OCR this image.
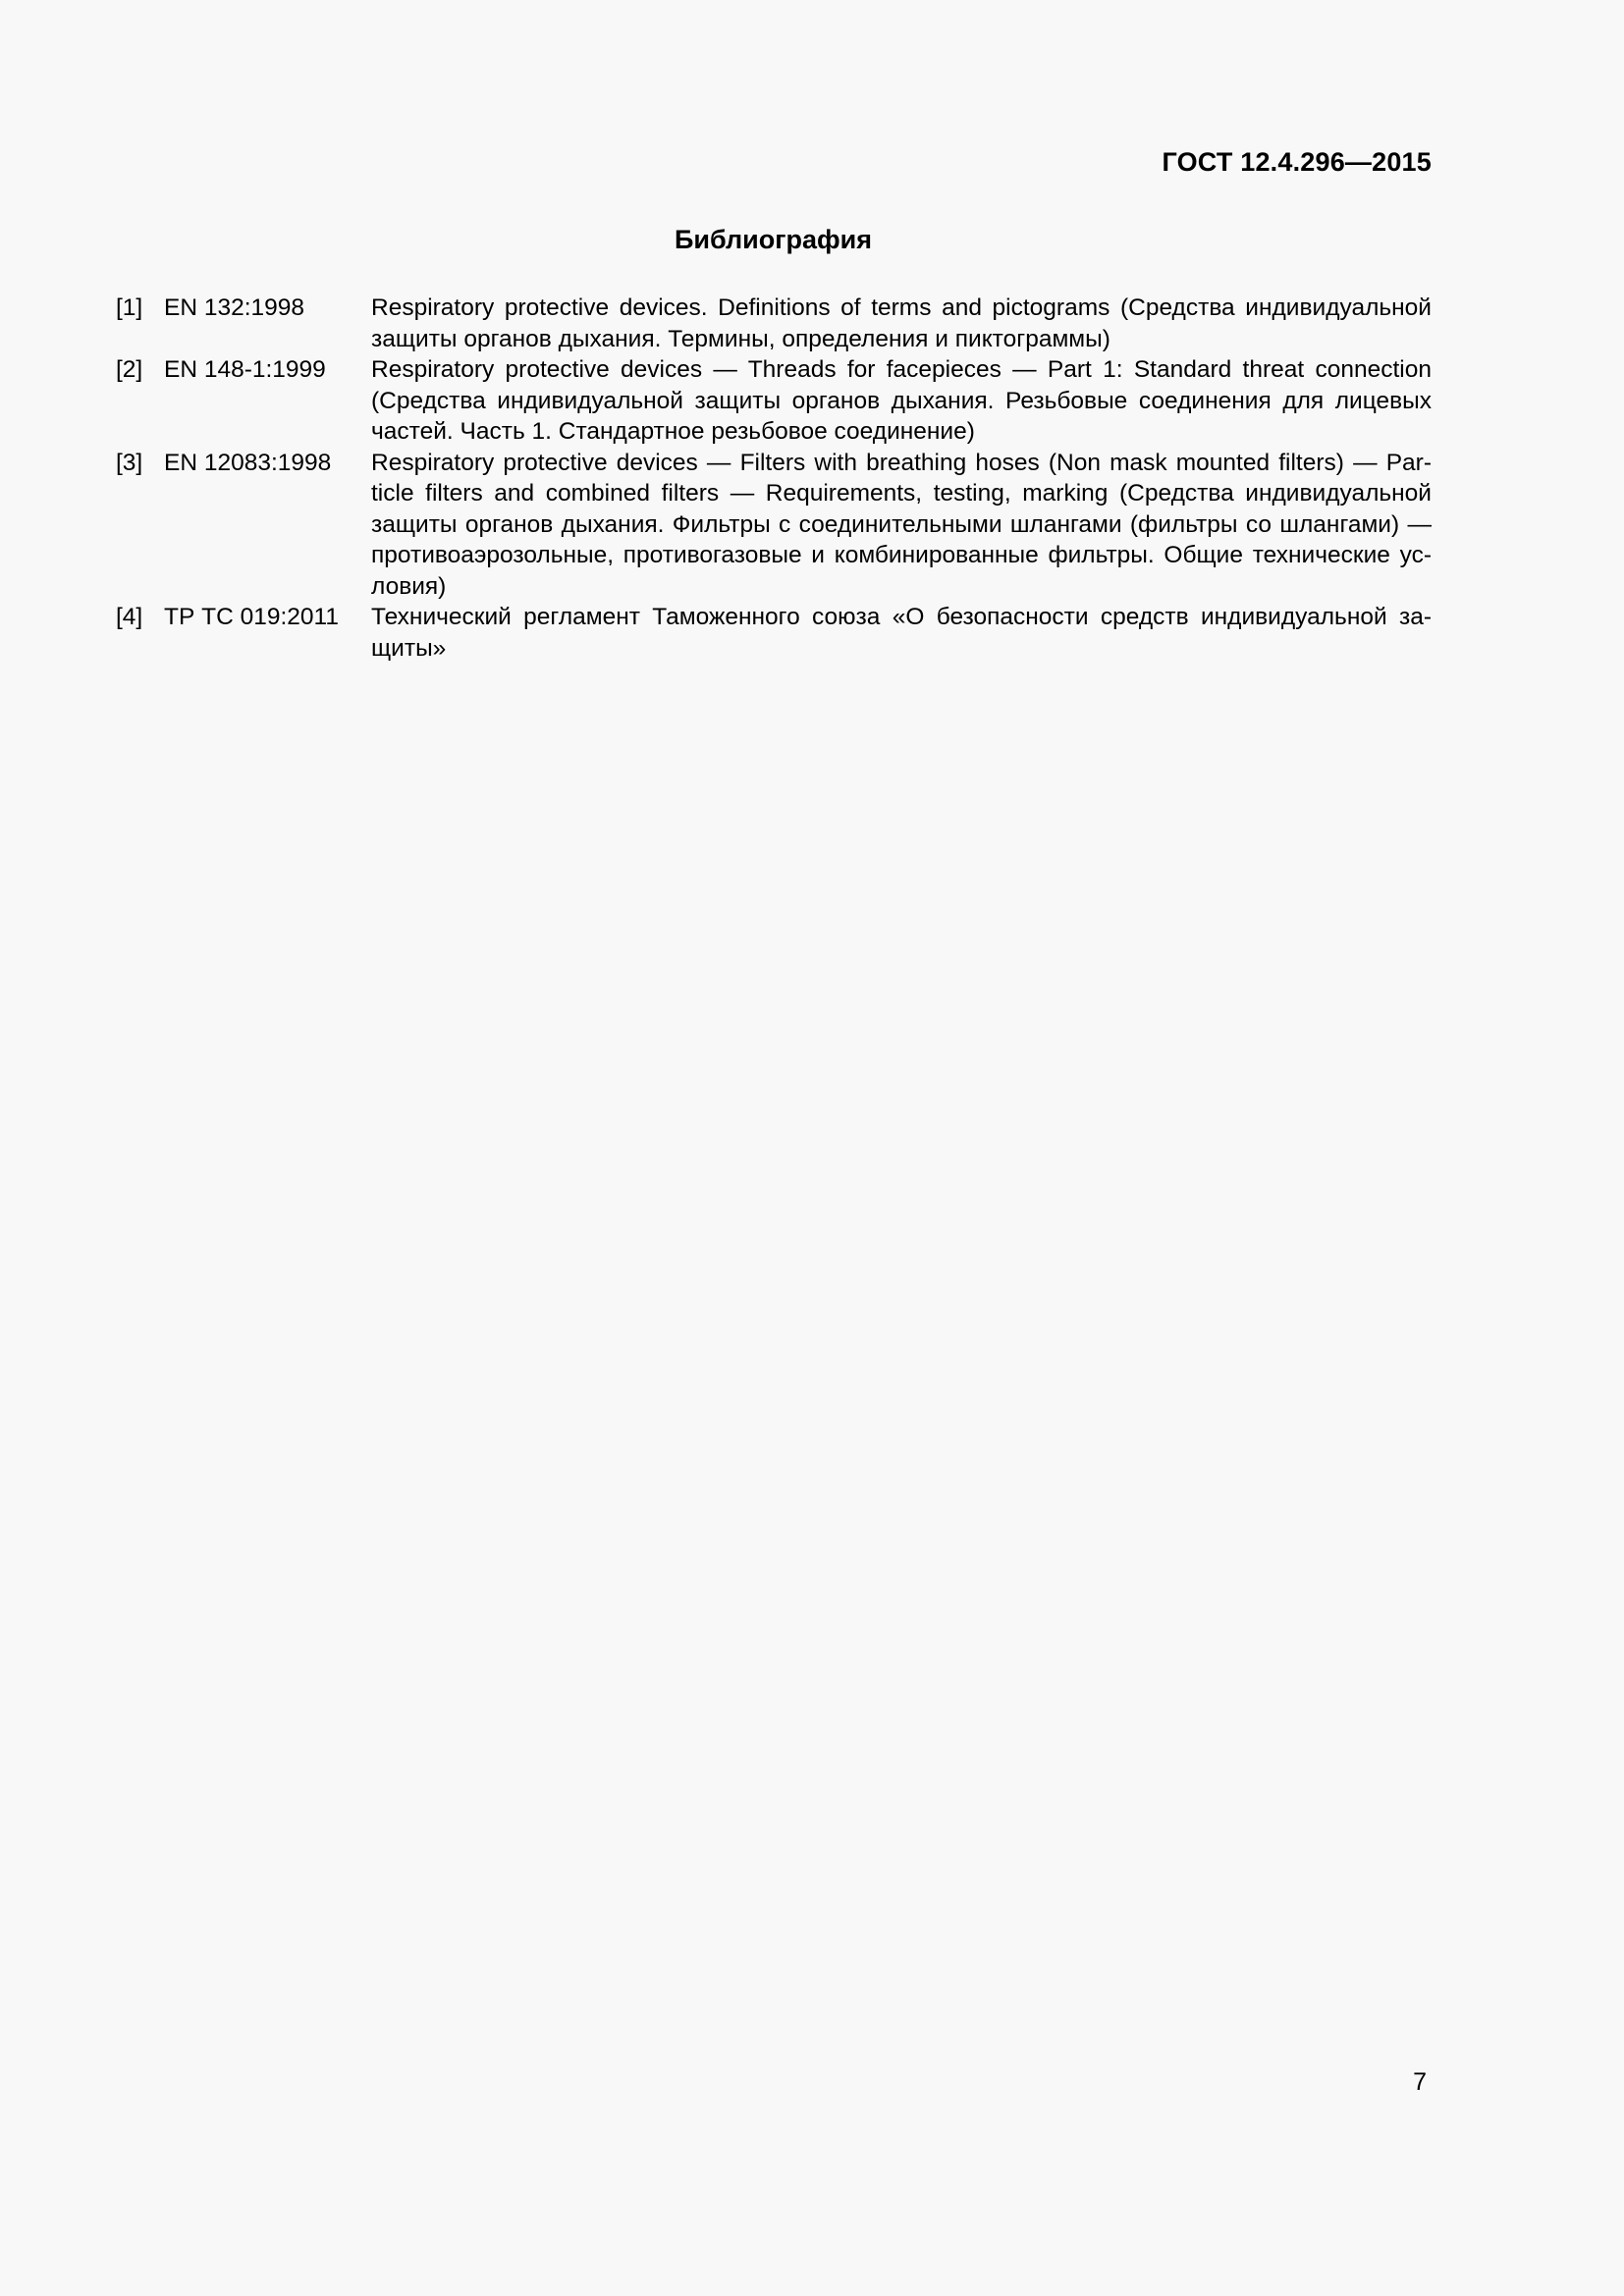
ГОСТ 12.4.296—2015
Библиография
[1] EN 132:1998	Respiratory protective devices. Definitions of terms and pictograms (Средства индивидуальной защиты органов дыхания. Термины, определения и пиктограммы)
[2] EN 148-1:1999	Respiratory protective devices — Threads for facepieces — Part 1: Standard threat connection (Средства индивидуальной защиты органов дыхания. Резьбовые соединения для лицевых частей. Часть 1. Стандартное резьбовое соединение)
[3] EN 12083:1998	Respiratory protective devices — Filters with breathing hoses (Non mask mounted filters) — Particle filters and combined filters — Requirements, testing, marking (Средства индивидуальной защиты органов дыхания. Фильтры с соединительными шлангами (фильтры со шлангами) — противоаэрозольные, противогазовые и комбинированные фильтры. Общие технические условия)
[4] ТР ТС 019:2011	Технический регламент Таможенного союза «О безопасности средств индивидуальной защиты»
7
